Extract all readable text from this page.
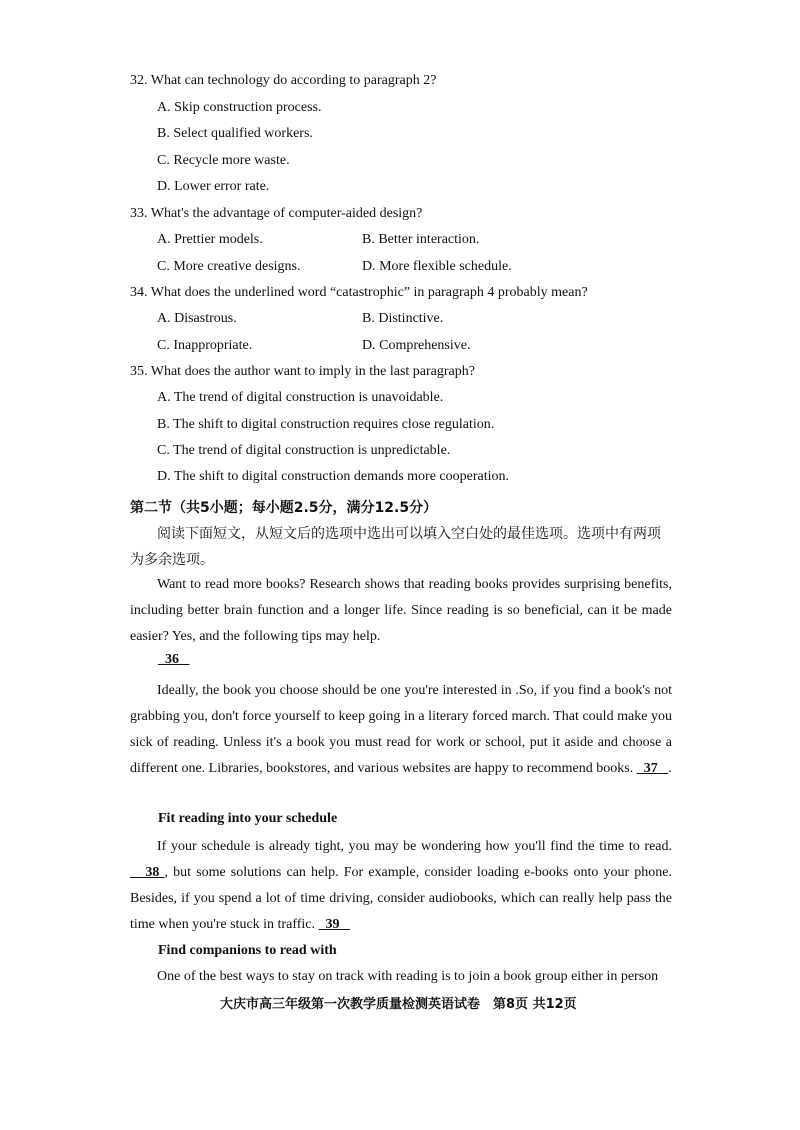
32. What can technology do according to paragraph 2?
A. Skip construction process.
B. Select qualified workers.
C. Recycle more waste.
D. Lower error rate.
33. What's the advantage of computer-aided design?
A. Prettier models.	B. Better interaction.
C. More creative designs.	D. More flexible schedule.
34. What does the underlined word “catastrophic” in paragraph 4 probably mean?
A. Disastrous.	B. Distinctive.
C. Inappropriate.	D. Comprehensive.
35. What does the author want to imply in the last paragraph?
A. The trend of digital construction is unavoidable.
B. The shift to digital construction requires close regulation.
C. The trend of digital construction is unpredictable.
D. The shift to digital construction demands more cooperation.
第二节（共5小题；每小题2.5分，满分12.5分）
阅读下面短文，从短文后的选项中选出可以填入空白处的最佳选项。选项中有两项
为多余选项。
Want to read more books? Research shows that reading books provides surprising benefits, including better brain function and a longer life. Since reading is so beneficial, can it be made easier? Yes, and the following tips may help.
36
Ideally, the book you choose should be one you're interested in .So, if you find a book's not grabbing you, don't force yourself to keep going in a literary forced march. That could make you sick of reading. Unless it's a book you must read for work or school, put it aside and choose a different one. Libraries, bookstores, and various websites are happy to recommend books. 37 .
Fit reading into your schedule
If your schedule is already tight, you may be wondering how you'll find the time to read.    38 , but some solutions can help. For example, consider loading e-books onto your phone. Besides, if you spend a lot of time driving, consider audiobooks, which can really help pass the time when you're stuck in traffic. 39
Find companions to read with
One of the best ways to stay on track with reading is to join a book group either in person
大庆市高三年级第一次教学质量检测英语试卷　第8页 共12页
